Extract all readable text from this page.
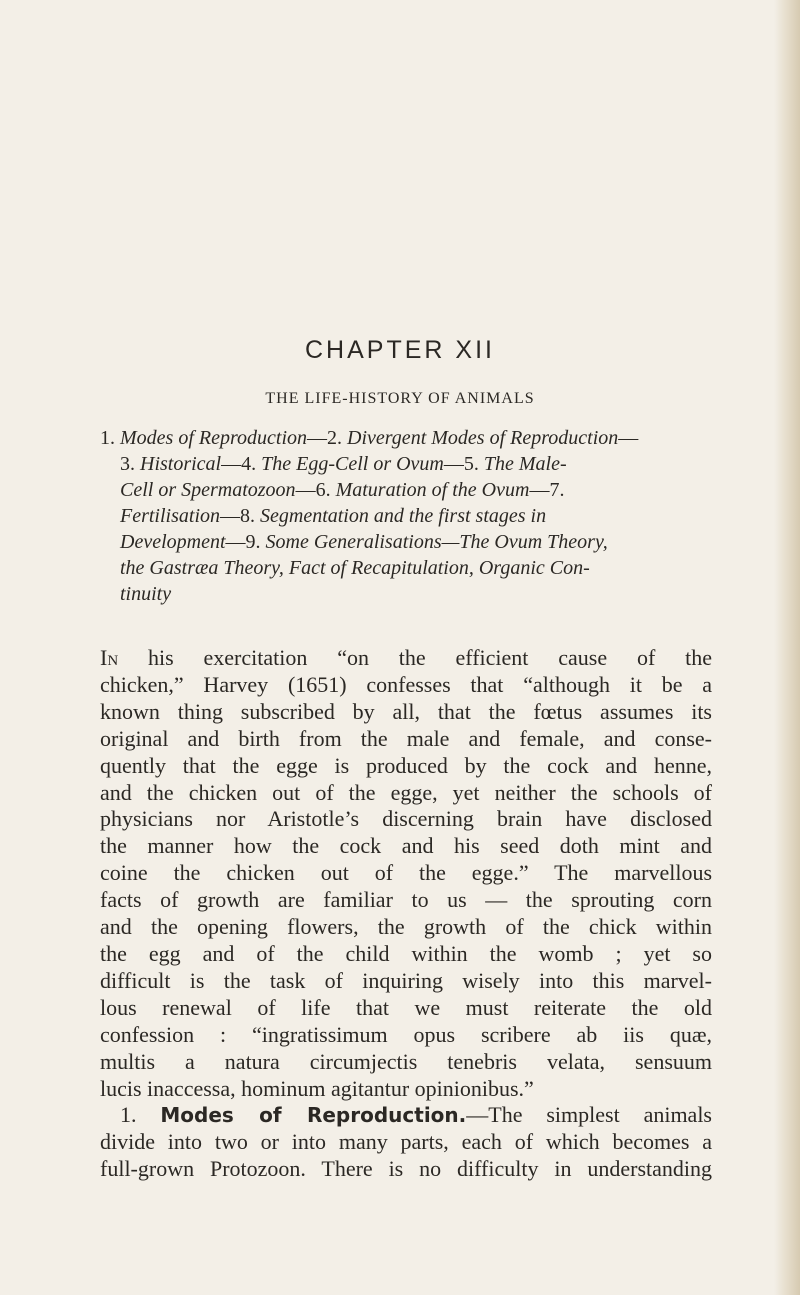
CHAPTER XII
THE LIFE-HISTORY OF ANIMALS
1. Modes of Reproduction—2. Divergent Modes of Reproduction—
3. Historical—4. The Egg-Cell or Ovum—5. The Male-
Cell or Spermatozoon—6. Maturation of the Ovum—7.
Fertilisation—8. Segmentation and the first stages in
Development—9. Some Generalisations—The Ovum Theory,
the Gastræa Theory, Fact of Recapitulation, Organic Con-
tinuity
In his exercitation “on the efficient cause of the
chicken,” Harvey (1651) confesses that “although it be a
known thing subscribed by all, that the fœtus assumes its
original and birth from the male and female, and conse-
quently that the egge is produced by the cock and henne,
and the chicken out of the egge, yet neither the schools of
physicians nor Aristotle’s discerning brain have disclosed
the manner how the cock and his seed doth mint and
coine the chicken out of the egge.” The marvellous
facts of growth are familiar to us — the sprouting corn
and the opening flowers, the growth of the chick within
the egg and of the child within the womb ; yet so
difficult is the task of inquiring wisely into this marvel-
lous renewal of life that we must reiterate the old
confession : “ingratissimum opus scribere ab iis quæ,
multis a natura circumjectis tenebris velata, sensuum
lucis inaccessa, hominum agitantur opinionibus.”
1. Modes of Reproduction.—The simplest animals
divide into two or into many parts, each of which becomes a
full-grown Protozoon. There is no difficulty in understanding
